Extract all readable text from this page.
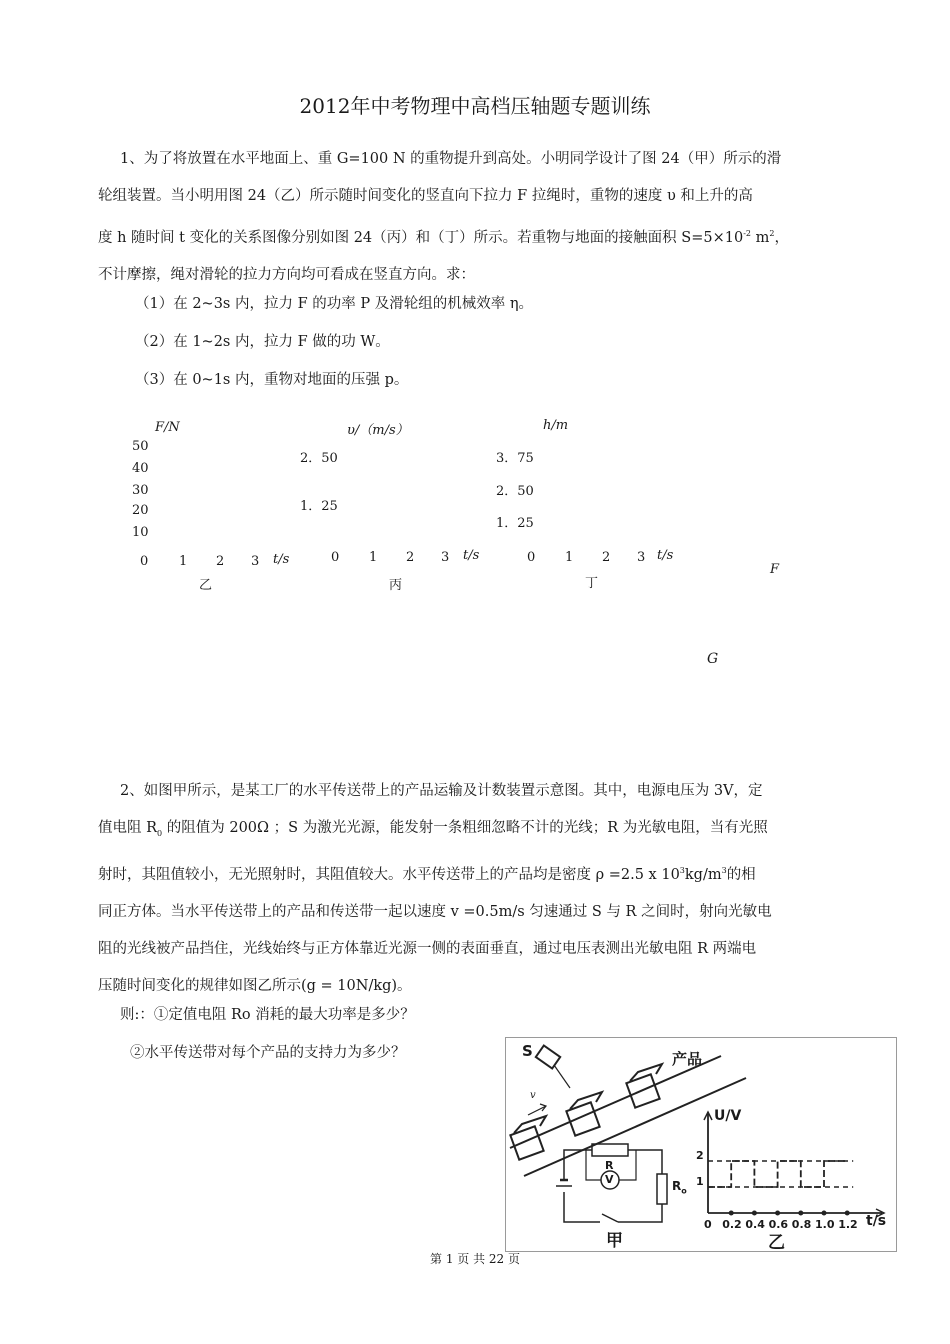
2012年中考物理中高档压轴题专题训练
1、为了将放置在水平地面上、重 G=100 N 的重物提升到高处。小明同学设计了图 24（甲）所示的滑
轮组装置。当小明用图 24（乙）所示随时间变化的竖直向下拉力 F 拉绳时，重物的速度 υ 和上升的高
度 h 随时间 t 变化的关系图像分别如图 24（丙）和（丁）所示。若重物与地面的接触面积 $S=5\times 10^{-2}$ $m^2$，
不计摩擦，绳对滑轮的拉力方向均可看成在竖直方向。求：
（1）在 2~3s 内，拉力 F 的功率 P 及滑轮组的机械效率 η。
（2）在 1~2s 内，拉力 F 做的功 W。
（3）在 0~1s 内，重物对地面的压强 p。
F/N
50
40
30
20
10
0 1 2 3 t/s
乙
υ/（m/s）
2．50
1．25
0 1 2 3 t/s
丙
h/m
3．75
2．50
1．25
0 1 2 3 t/s
丁
F
G
2、如图甲所示，是某工厂的水平传送带上的产品运输及计数装置示意图。其中，电源电压为 3V，定
值电阻 $R_0$ 的阻值为 200Ω ；S 为激光光源，能发射一条粗细忽略不计的光线；R 为光敏电阻，当有光照
射时，其阻值较小，无光照射时，其阻值较大。水平传送带上的产品均是密度 ρ =2.5 x $10^3kg/m^3$的相
同正方体。当水平传送带上的产品和传送带一起以速度 v =0.5m/s 匀速通过 S 与 R 之间时，射向光敏电
阻的光线被产品挡住，光线始终与正方体靠近光源一侧的表面垂直，通过电压表测出光敏电阻 R 两端电
压随时间变化的规律如图乙所示(g = 10N/kg)。
则:：①定值电阻 Ro 消耗的最大功率是多少？
②水平传送带对每个产品的支持力为多少？	S	产品
v
R
V	$R_o$
甲	乙
U/V
t/s
2
1
0 0.2 0.4 0.6 0.8 1.0 1.2
第 1 页 共 22 页
